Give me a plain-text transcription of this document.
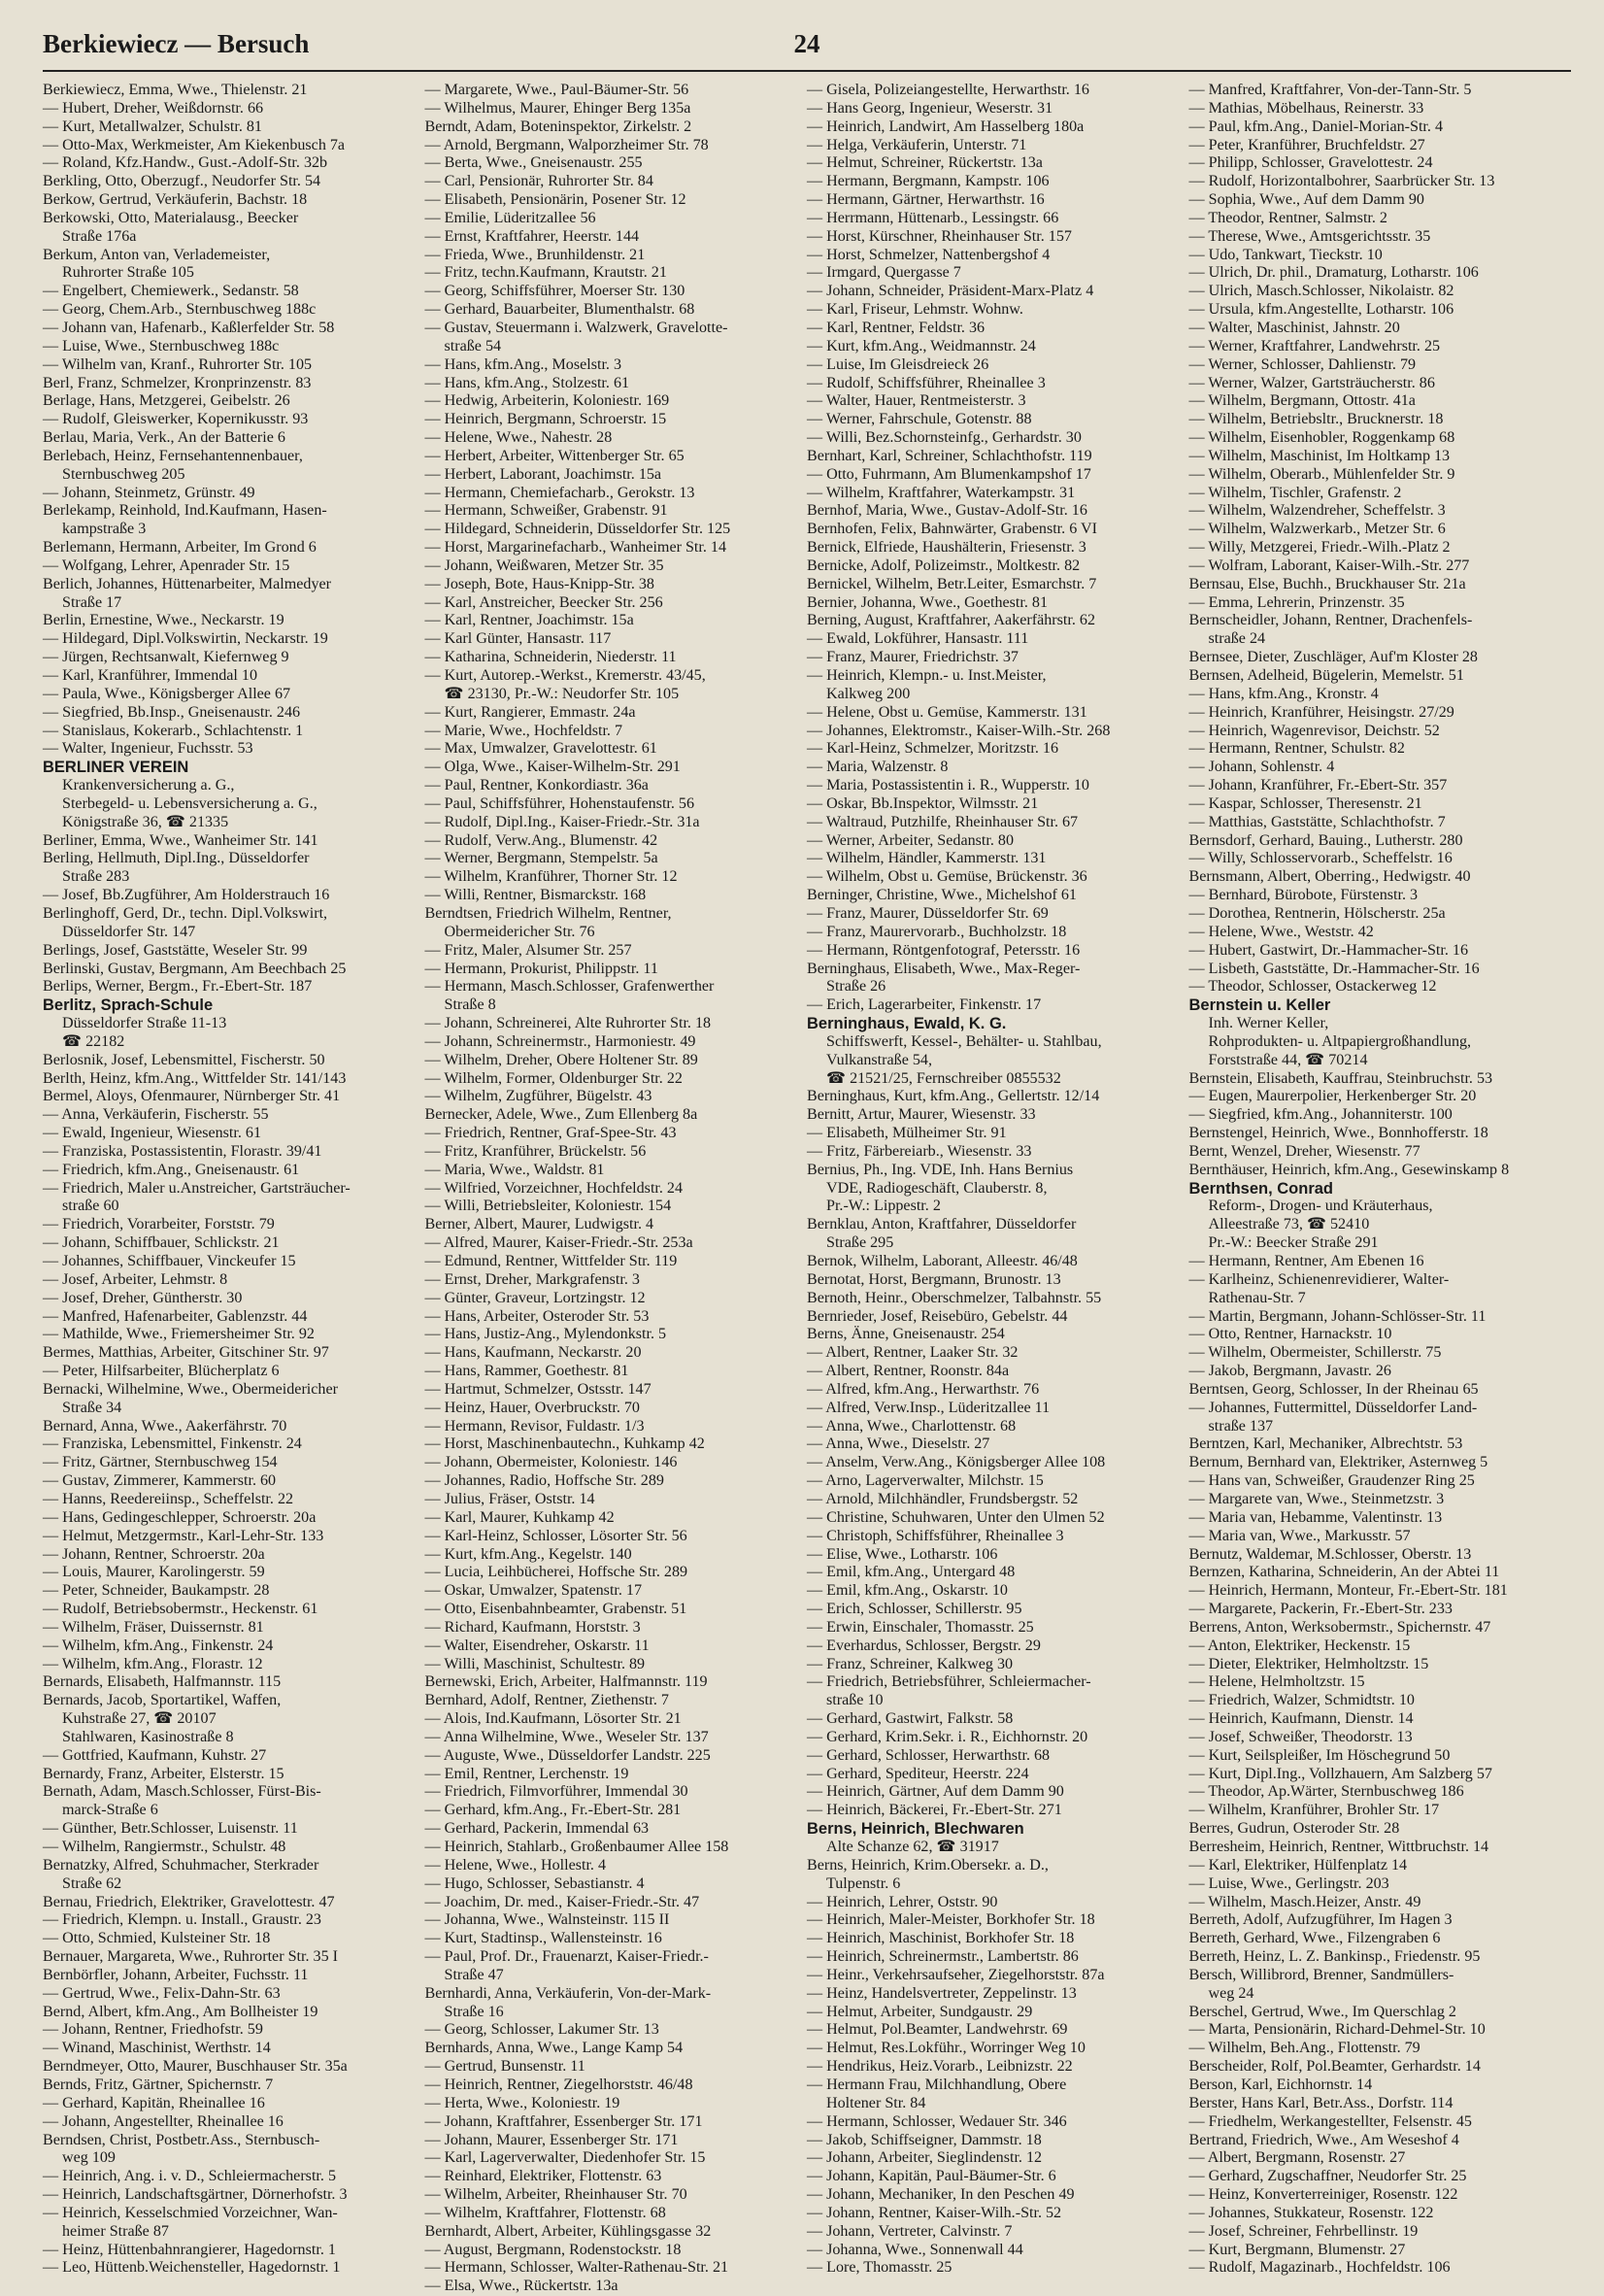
Berkiewiecz — Bersuch	24
Berkiewiecz, Emma, Wwe., Thielenstr. 21
— Hubert, Dreher, Weißdornstr. 66
— Kurt, Metallwalzer, Schulstr. 81
— Otto-Max, Werkmeister, Am Kiekenbusch 7a
— Roland, Kfz.Handw., Gust.-Adolf-Str. 32b
Berkling, Otto, Oberzugf., Neudorfer Str. 54
Berkow, Gertrud, Verkäuferin, Bachstr. 18
Berkowski, Otto, Materialausg., Beecker
Straße 176a
Berkum, Anton van, Verlademeister,
Ruhrorter Straße 105
— Engelbert, Chemiewerk., Sedanstr. 58
— Georg, Chem.Arb., Sternbuschweg 188c
— Johann van, Hafenarb., Kaßlerfelder Str. 58
— Luise, Wwe., Sternbuschweg 188c
— Wilhelm van, Kranf., Ruhrorter Str. 105
Berl, Franz, Schmelzer, Kronprinzenstr. 83
Berlage, Hans, Metzgerei, Geibelstr. 26
— Rudolf, Gleiswerker, Kopernikusstr. 93
Berlau, Maria, Verk., An der Batterie 6
Berlebach, Heinz, Fernsehantennenbauer,
Sternbuschweg 205
— Johann, Steinmetz, Grünstr. 49
Berlekamp, Reinhold, Ind.Kaufmann, Hasen-
kampstraße 3
Berlemann, Hermann, Arbeiter, Im Grond 6
— Wolfgang, Lehrer, Apenrader Str. 15
Berlich, Johannes, Hüttenarbeiter, Malmedyer
Straße 17
Berlin, Ernestine, Wwe., Neckarstr. 19
— Hildegard, Dipl.Volkswirtin, Neckarstr. 19
— Jürgen, Rechtsanwalt, Kiefernweg 9
— Karl, Kranführer, Immendal 10
— Paula, Wwe., Königsberger Allee 67
— Siegfried, Bb.Insp., Gneisenaustr. 246
— Stanislaus, Kokerarb., Schlachtenstr. 1
— Walter, Ingenieur, Fuchsstr. 53
BERLINER VEREIN
Krankenversicherung a. G.,
Sterbegeld- u. Lebensversicherung a. G.,
Königstraße 36, ☎ 21335
Berliner, Emma, Wwe., Wanheimer Str. 141
Berling, Hellmuth, Dipl.Ing., Düsseldorfer
Straße 283
— Josef, Bb.Zugführer, Am Holderstrauch 16
Berlinghoff, Gerd, Dr., techn. Dipl.Volkswirt,
Düsseldorfer Str. 147
Berlings, Josef, Gaststätte, Weseler Str. 99
Berlinski, Gustav, Bergmann, Am Beechbach 25
Berlips, Werner, Bergm., Fr.-Ebert-Str. 187
Berlitz, Sprach-Schule
Düsseldorfer Straße 11-13
☎ 22182
Berlosnik, Josef, Lebensmittel, Fischerstr. 50
Berlth, Heinz, kfm.Ang., Wittfelder Str. 141/143
Bermel, Aloys, Ofenmaurer, Nürnberger Str. 41
— Anna, Verkäuferin, Fischerstr. 55
— Ewald, Ingenieur, Wiesenstr. 61
— Franziska, Postassistentin, Florastr. 39/41
— Friedrich, kfm.Ang., Gneisenaustr. 61
— Friedrich, Maler u.Anstreicher, Gartsträucher-
straße 60
— Friedrich, Vorarbeiter, Forststr. 79
— Johann, Schiffbauer, Schlickstr. 21
— Johannes, Schiffbauer, Vinckeufer 15
— Josef, Arbeiter, Lehmstr. 8
— Josef, Dreher, Güntherstr. 30
— Manfred, Hafenarbeiter, Gablenzstr. 44
— Mathilde, Wwe., Friemersheimer Str. 92
Bermes, Matthias, Arbeiter, Gitschiner Str. 97
— Peter, Hilfsarbeiter, Blücherplatz 6
Bernacki, Wilhelmine, Wwe., Obermeidericher
Straße 34
Bernard, Anna, Wwe., Aakerfährstr. 70
— Franziska, Lebensmittel, Finkenstr. 24
— Fritz, Gärtner, Sternbuschweg 154
— Gustav, Zimmerer, Kammerstr. 60
— Hanns, Reedereiinsp., Scheffelstr. 22
— Hans, Gedingeschlepper, Schroerstr. 20a
— Helmut, Metzgermstr., Karl-Lehr-Str. 133
— Johann, Rentner, Schroerstr. 20a
— Louis, Maurer, Karolingerstr. 59
— Peter, Schneider, Baukampstr. 28
— Rudolf, Betriebsobermstr., Heckenstr. 61
— Wilhelm, Fräser, Duissernstr. 81
— Wilhelm, kfm.Ang., Finkenstr. 24
— Wilhelm, kfm.Ang., Florastr. 12
Bernards, Elisabeth, Halfmannstr. 115
Bernards, Jacob, Sportartikel, Waffen,
Kuhstraße 27, ☎ 20107
Stahlwaren, Kasinostraße 8
— Gottfried, Kaufmann, Kuhstr. 27
Bernardy, Franz, Arbeiter, Elsterstr. 15
Bernath, Adam, Masch.Schlosser, Fürst-Bis-
marck-Straße 6
— Günther, Betr.Schlosser, Luisenstr. 11
— Wilhelm, Rangiermstr., Schulstr. 48
Bernatzky, Alfred, Schuhmacher, Sterkrader
Straße 62
Bernau, Friedrich, Elektriker, Gravelottestr. 47
— Friedrich, Klempn. u. Install., Graustr. 23
— Otto, Schmied, Kulsteiner Str. 18
Bernauer, Margareta, Wwe., Ruhrorter Str. 35 I
Bernbörfler, Johann, Arbeiter, Fuchsstr. 11
— Gertrud, Wwe., Felix-Dahn-Str. 63
Bernd, Albert, kfm.Ang., Am Bollheister 19
— Johann, Rentner, Friedhofstr. 59
— Winand, Maschinist, Werthstr. 14
Berndmeyer, Otto, Maurer, Buschhauser Str. 35a
Bernds, Fritz, Gärtner, Spichernstr. 7
— Gerhard, Kapitän, Rheinallee 16
— Johann, Angestellter, Rheinallee 16
Berndsen, Christ, Postbetr.Ass., Sternbusch-
weg 109
— Heinrich, Ang. i. v. D., Schleiermacherstr. 5
— Heinrich, Landschaftsgärtner, Dörnerhofstr. 3
— Heinrich, Kesselschmied Vorzeichner, Wan-
heimer Straße 87
— Heinz, Hüttenbahnrangierer, Hagedornstr. 1
— Leo, Hüttenb.Weichensteller, Hagedornstr. 1
— Margarete, Wwe., Paul-Bäumer-Str. 56
— Wilhelmus, Maurer, Ehinger Berg 135a
Berndt, Adam, Boteninspektor, Zirkelstr. 2
— Arnold, Bergmann, Walporzheimer Str. 78
— Berta, Wwe., Gneisenaustr. 255
— Carl, Pensionär, Ruhrorter Str. 84
— Elisabeth, Pensionärin, Posener Str. 12
— Emilie, Lüderitzallee 56
— Ernst, Kraftfahrer, Heerstr. 144
— Frieda, Wwe., Brunhildenstr. 21
— Fritz, techn.Kaufmann, Krautstr. 21
— Georg, Schiffsführer, Moerser Str. 130
— Gerhard, Bauarbeiter, Blumenthalstr. 68
— Gustav, Steuermann i. Walzwerk, Gravelotte-
straße 54
— Hans, kfm.Ang., Moselstr. 3
— Hans, kfm.Ang., Stolzestr. 61
— Hedwig, Arbeiterin, Koloniestr. 169
— Heinrich, Bergmann, Schroerstr. 15
— Helene, Wwe., Nahestr. 28
— Herbert, Arbeiter, Wittenberger Str. 65
— Herbert, Laborant, Joachimstr. 15a
— Hermann, Chemiefacharb., Gerokstr. 13
— Hermann, Schweißer, Grabenstr. 91
— Hildegard, Schneiderin, Düsseldorfer Str. 125
— Horst, Margarinefacharb., Wanheimer Str. 14
— Johann, Weißwaren, Metzer Str. 35
— Joseph, Bote, Haus-Knipp-Str. 38
— Karl, Anstreicher, Beecker Str. 256
— Karl, Rentner, Joachimstr. 15a
— Karl Günter, Hansastr. 117
— Katharina, Schneiderin, Niederstr. 11
— Kurt, Autorep.-Werkst., Kremerstr. 43/45,
☎ 23130, Pr.-W.: Neudorfer Str. 105
— Kurt, Rangierer, Emmastr. 24a
— Marie, Wwe., Hochfeldstr. 7
— Max, Umwalzer, Gravelottestr. 61
— Olga, Wwe., Kaiser-Wilhelm-Str. 291
— Paul, Rentner, Konkordiastr. 36a
— Paul, Schiffsführer, Hohenstaufenstr. 56
— Rudolf, Dipl.Ing., Kaiser-Friedr.-Str. 31a
— Rudolf, Verw.Ang., Blumenstr. 42
— Werner, Bergmann, Stempelstr. 5a
— Wilhelm, Kranführer, Thorner Str. 12
— Willi, Rentner, Bismarckstr. 168
Berndtsen, Friedrich Wilhelm, Rentner,
Obermeidericher Str. 76
— Fritz, Maler, Alsumer Str. 257
— Hermann, Prokurist, Philippstr. 11
— Hermann, Masch.Schlosser, Grafenwerther
Straße 8
— Johann, Schreinerei, Alte Ruhrorter Str. 18
— Johann, Schreinermstr., Harmoniestr. 49
— Wilhelm, Dreher, Obere Holtener Str. 89
— Wilhelm, Former, Oldenburger Str. 22
— Wilhelm, Zugführer, Bügelstr. 43
Bernecker, Adele, Wwe., Zum Ellenberg 8a
— Friedrich, Rentner, Graf-Spee-Str. 43
— Fritz, Kranführer, Brückelstr. 56
— Maria, Wwe., Waldstr. 81
— Wilfried, Vorzeichner, Hochfeldstr. 24
— Willi, Betriebsleiter, Koloniestr. 154
Berner, Albert, Maurer, Ludwigstr. 4
— Alfred, Maurer, Kaiser-Friedr.-Str. 253a
— Edmund, Rentner, Wittfelder Str. 119
— Ernst, Dreher, Markgrafenstr. 3
— Günter, Graveur, Lortzingstr. 12
— Hans, Arbeiter, Osteroder Str. 53
— Hans, Justiz-Ang., Mylendonkstr. 5
— Hans, Kaufmann, Neckarstr. 20
— Hans, Rammer, Goethestr. 81
— Hartmut, Schmelzer, Ostsstr. 147
— Heinz, Hauer, Overbruckstr. 70
— Hermann, Revisor, Fuldastr. 1/3
— Horst, Maschinenbautechn., Kuhkamp 42
— Johann, Obermeister, Koloniestr. 146
— Johannes, Radio, Hoffsche Str. 289
— Julius, Fräser, Oststr. 14
— Karl, Maurer, Kuhkamp 42
— Karl-Heinz, Schlosser, Lösorter Str. 56
— Kurt, kfm.Ang., Kegelstr. 140
— Lucia, Leihbücherei, Hoffsche Str. 289
— Oskar, Umwalzer, Spatenstr. 17
— Otto, Eisenbahnbeamter, Grabenstr. 51
— Richard, Kaufmann, Horststr. 3
— Walter, Eisendreher, Oskarstr. 11
— Willi, Maschinist, Schultestr. 89
Bernewski, Erich, Arbeiter, Halfmannstr. 119
Bernhard, Adolf, Rentner, Ziethenstr. 7
— Alois, Ind.Kaufmann, Lösorter Str. 21
— Anna Wilhelmine, Wwe., Weseler Str. 137
— Auguste, Wwe., Düsseldorfer Landstr. 225
— Emil, Rentner, Lerchenstr. 19
— Friedrich, Filmvorführer, Immendal 30
— Gerhard, kfm.Ang., Fr.-Ebert-Str. 281
— Gerhard, Packerin, Immendal 63
— Heinrich, Stahlarb., Großenbaumer Allee 158
— Helene, Wwe., Hollestr. 4
— Hugo, Schlosser, Sebastianstr. 4
— Joachim, Dr. med., Kaiser-Friedr.-Str. 47
— Johanna, Wwe., Walnsteinstr. 115 II
— Kurt, Stadtinsp., Wallensteinstr. 16
— Paul, Prof. Dr., Frauenarzt, Kaiser-Friedr.-
Straße 47
Bernhardi, Anna, Verkäuferin, Von-der-Mark-
Straße 16
— Georg, Schlosser, Lakumer Str. 13
Bernhards, Anna, Wwe., Lange Kamp 54
— Gertrud, Bunsenstr. 11
— Heinrich, Rentner, Ziegelhorststr. 46/48
— Herta, Wwe., Koloniestr. 19
— Johann, Kraftfahrer, Essenberger Str. 171
— Johann, Maurer, Essenberger Str. 171
— Karl, Lagerverwalter, Diedenhofer Str. 15
— Reinhard, Elektriker, Flottenstr. 63
— Wilhelm, Arbeiter, Rheinhauser Str. 70
— Wilhelm, Kraftfahrer, Flottenstr. 68
Bernhardt, Albert, Arbeiter, Kühlingsgasse 32
— August, Bergmann, Rodenstockstr. 18
— Hermann, Schlosser, Walter-Rathenau-Str. 21
— Elsa, Wwe., Rückertstr. 13a
— Gisela, Polizeiangestellte, Herwarthstr. 16
— Hans Georg, Ingenieur, Weserstr. 31
— Heinrich, Landwirt, Am Hasselberg 180a
— Helga, Verkäuferin, Unterstr. 71
— Helmut, Schreiner, Rückertstr. 13a
— Hermann, Bergmann, Kampstr. 106
— Hermann, Gärtner, Herwarthstr. 16
— Herrmann, Hüttenarb., Lessingstr. 66
— Horst, Kürschner, Rheinhauser Str. 157
— Horst, Schmelzer, Nattenbergshof 4
— Irmgard, Quergasse 7
— Johann, Schneider, Präsident-Marx-Platz 4
— Karl, Friseur, Lehmstr. Wohnw.
— Karl, Rentner, Feldstr. 36
— Kurt, kfm.Ang., Weidmannstr. 24
— Luise, Im Gleisdreieck 26
— Rudolf, Schiffsführer, Rheinallee 3
— Walter, Hauer, Rentmeisterstr. 3
— Werner, Fahrschule, Gotenstr. 88
— Willi, Bez.Schornsteinfg., Gerhardstr. 30
Bernhart, Karl, Schreiner, Schlachthofstr. 119
— Otto, Fuhrmann, Am Blumenkampshof 17
— Wilhelm, Kraftfahrer, Waterkampstr. 31
Bernhof, Maria, Wwe., Gustav-Adolf-Str. 16
Bernhofen, Felix, Bahnwärter, Grabenstr. 6 VI
Bernick, Elfriede, Haushälterin, Friesenstr. 3
Bernicke, Adolf, Polizeimstr., Moltkestr. 82
Bernickel, Wilhelm, Betr.Leiter, Esmarchstr. 7
Bernier, Johanna, Wwe., Goethestr. 81
Berning, August, Kraftfahrer, Aakerfährstr. 62
— Ewald, Lokführer, Hansastr. 111
— Franz, Maurer, Friedrichstr. 37
— Heinrich, Klempn.- u. Inst.Meister,
Kalkweg 200
— Helene, Obst u. Gemüse, Kammerstr. 131
— Johannes, Elektromstr., Kaiser-Wilh.-Str. 268
— Karl-Heinz, Schmelzer, Moritzstr. 16
— Maria, Walzenstr. 8
— Maria, Postassistentin i. R., Wupperstr. 10
— Oskar, Bb.Inspektor, Wilmsstr. 21
— Waltraud, Putzhilfe, Rheinhauser Str. 67
— Werner, Arbeiter, Sedanstr. 80
— Wilhelm, Händler, Kammerstr. 131
— Wilhelm, Obst u. Gemüse, Brückenstr. 36
Berninger, Christine, Wwe., Michelshof 61
— Franz, Maurer, Düsseldorfer Str. 69
— Franz, Maurervorarb., Buchholzstr. 18
— Hermann, Röntgenfotograf, Petersstr. 16
Berninghaus, Elisabeth, Wwe., Max-Reger-
Straße 26
— Erich, Lagerarbeiter, Finkenstr. 17
Berninghaus, Ewald, K. G.
Schiffswerft, Kessel-, Behälter- u. Stahlbau,
Vulkanstraße 54,
☎ 21521/25, Fernschreiber 0855532
Berninghaus, Kurt, kfm.Ang., Gellertstr. 12/14
Bernitt, Artur, Maurer, Wiesenstr. 33
— Elisabeth, Mülheimer Str. 91
— Fritz, Färbereiarb., Wiesenstr. 33
Bernius, Ph., Ing. VDE, Inh. Hans Bernius
VDE, Radiogeschäft, Clauberstr. 8,
Pr.-W.: Lippestr. 2
Bernklau, Anton, Kraftfahrer, Düsseldorfer
Straße 295
Bernok, Wilhelm, Laborant, Alleestr. 46/48
Bernotat, Horst, Bergmann, Brunostr. 13
Bernoth, Heinr., Oberschmelzer, Talbahnstr. 55
Bernrieder, Josef, Reisebüro, Gebelstr. 44
Berns, Änne, Gneisenaustr. 254
— Albert, Rentner, Laaker Str. 32
— Albert, Rentner, Roonstr. 84a
— Alfred, kfm.Ang., Herwarthstr. 76
— Alfred, Verw.Insp., Lüderitzallee 11
— Anna, Wwe., Charlottenstr. 68
— Anna, Wwe., Dieselstr. 27
— Anselm, Verw.Ang., Königsberger Allee 108
— Arno, Lagerverwalter, Milchstr. 15
— Arnold, Milchhändler, Frundsbergstr. 52
— Christine, Schuhwaren, Unter den Ulmen 52
— Christoph, Schiffsführer, Rheinallee 3
— Elise, Wwe., Lotharstr. 106
— Emil, kfm.Ang., Untergard 48
— Emil, kfm.Ang., Oskarstr. 10
— Erich, Schlosser, Schillerstr. 95
— Erwin, Einschaler, Thomasstr. 25
— Everhardus, Schlosser, Bergstr. 29
— Franz, Schreiner, Kalkweg 30
— Friedrich, Betriebsführer, Schleiermacher-
straße 10
— Gerhard, Gastwirt, Falkstr. 58
— Gerhard, Krim.Sekr. i. R., Eichhornstr. 20
— Gerhard, Schlosser, Herwarthstr. 68
— Gerhard, Spediteur, Heerstr. 224
— Heinrich, Gärtner, Auf dem Damm 90
— Heinrich, Bäckerei, Fr.-Ebert-Str. 271
Berns, Heinrich, Blechwaren
Alte Schanze 62, ☎ 31917
Berns, Heinrich, Krim.Obersekr. a. D.,
Tulpenstr. 6
— Heinrich, Lehrer, Oststr. 90
— Heinrich, Maler-Meister, Borkhofer Str. 18
— Heinrich, Maschinist, Borkhofer Str. 18
— Heinrich, Schreinermstr., Lambertstr. 86
— Heinr., Verkehrsaufseher, Ziegelhorststr. 87a
— Heinz, Handelsvertreter, Zeppelinstr. 13
— Helmut, Arbeiter, Sundgaustr. 29
— Helmut, Pol.Beamter, Landwehrstr. 69
— Helmut, Res.Lokführ., Worringer Weg 10
— Hendrikus, Heiz.Vorarb., Leibnizstr. 22
— Hermann Frau, Milchhandlung, Obere
Holtener Str. 84
— Hermann, Schlosser, Wedauer Str. 346
— Jakob, Schiffseigner, Dammstr. 18
— Johann, Arbeiter, Sieglindenstr. 12
— Johann, Kapitän, Paul-Bäumer-Str. 6
— Johann, Mechaniker, In den Peschen 49
— Johann, Rentner, Kaiser-Wilh.-Str. 52
— Johann, Vertreter, Calvinstr. 7
— Johanna, Wwe., Sonnenwall 44
— Lore, Thomasstr. 25
— Manfred, Kraftfahrer, Von-der-Tann-Str. 5
— Mathias, Möbelhaus, Reinerstr. 33
— Paul, kfm.Ang., Daniel-Morian-Str. 4
— Peter, Kranführer, Bruchfeldstr. 27
— Philipp, Schlosser, Gravelottestr. 24
— Rudolf, Horizontalbohrer, Saarbrücker Str. 13
— Sophia, Wwe., Auf dem Damm 90
— Theodor, Rentner, Salmstr. 2
— Therese, Wwe., Amtsgerichtsstr. 35
— Udo, Tankwart, Tieckstr. 10
— Ulrich, Dr. phil., Dramaturg, Lotharstr. 106
— Ulrich, Masch.Schlosser, Nikolaistr. 82
— Ursula, kfm.Angestellte, Lotharstr. 106
— Walter, Maschinist, Jahnstr. 20
— Werner, Kraftfahrer, Landwehrstr. 25
— Werner, Schlosser, Dahlienstr. 79
— Werner, Walzer, Gartsträucherstr. 86
— Wilhelm, Bergmann, Ottostr. 41a
— Wilhelm, Betriebsltr., Brucknerstr. 18
— Wilhelm, Eisenhobler, Roggenkamp 68
— Wilhelm, Maschinist, Im Holtkamp 13
— Wilhelm, Oberarb., Mühlenfelder Str. 9
— Wilhelm, Tischler, Grafenstr. 2
— Wilhelm, Walzendreher, Scheffelstr. 3
— Wilhelm, Walzwerkarb., Metzer Str. 6
— Willy, Metzgerei, Friedr.-Wilh.-Platz 2
— Wolfram, Laborant, Kaiser-Wilh.-Str. 277
Bernsau, Else, Buchh., Bruckhauser Str. 21a
— Emma, Lehrerin, Prinzenstr. 35
Bernscheidler, Johann, Rentner, Drachenfels-
straße 24
Bernsee, Dieter, Zuschläger, Auf'm Kloster 28
Bernsen, Adelheid, Bügelerin, Memelstr. 51
— Hans, kfm.Ang., Kronstr. 4
— Heinrich, Kranführer, Heisingstr. 27/29
— Heinrich, Wagenrevisor, Deichstr. 52
— Hermann, Rentner, Schulstr. 82
— Johann, Sohlenstr. 4
— Johann, Kranführer, Fr.-Ebert-Str. 357
— Kaspar, Schlosser, Theresenstr. 21
— Matthias, Gaststätte, Schlachthofstr. 7
Bernsdorf, Gerhard, Bauing., Lutherstr. 280
— Willy, Schlosservorarb., Scheffelstr. 16
Bernsmann, Albert, Oberring., Hedwigstr. 40
— Bernhard, Bürobote, Fürstenstr. 3
— Dorothea, Rentnerin, Hölscherstr. 25a
— Helene, Wwe., Weststr. 42
— Hubert, Gastwirt, Dr.-Hammacher-Str. 16
— Lisbeth, Gaststätte, Dr.-Hammacher-Str. 16
— Theodor, Schlosser, Ostackerweg 12
Bernstein u. Keller
Inh. Werner Keller,
Rohprodukten- u. Altpapiergroßhandlung,
Forststraße 44, ☎ 70214
Bernstein, Elisabeth, Kauffrau, Steinbruchstr. 53
— Eugen, Maurerpolier, Herkenberger Str. 20
— Siegfried, kfm.Ang., Johanniterstr. 100
Bernstengel, Heinrich, Wwe., Bonnhofferstr. 18
Bernt, Wenzel, Dreher, Wiesenstr. 77
Bernthäuser, Heinrich, kfm.Ang., Gesewinskamp 8
Bernthsen, Conrad
Reform-, Drogen- und Kräuterhaus,
Alleestraße 73, ☎ 52410
Pr.-W.: Beecker Straße 291
— Hermann, Rentner, Am Ebenen 16
— Karlheinz, Schienenrevidierer, Walter-
Rathenau-Str. 7
— Martin, Bergmann, Johann-Schlösser-Str. 11
— Otto, Rentner, Harnackstr. 10
— Wilhelm, Obermeister, Schillerstr. 75
— Jakob, Bergmann, Javastr. 26
Berntsen, Georg, Schlosser, In der Rheinau 65
— Johannes, Futtermittel, Düsseldorfer Land-
straße 137
Berntzen, Karl, Mechaniker, Albrechtstr. 53
Bernum, Bernhard van, Elektriker, Asternweg 5
— Hans van, Schweißer, Graudenzer Ring 25
— Margarete van, Wwe., Steinmetzstr. 3
— Maria van, Hebamme, Valentinstr. 13
— Maria van, Wwe., Markusstr. 57
Bernutz, Waldemar, M.Schlosser, Oberstr. 13
Bernzen, Katharina, Schneiderin, An der Abtei 11
— Heinrich, Hermann, Monteur, Fr.-Ebert-Str. 181
— Margarete, Packerin, Fr.-Ebert-Str. 233
Berrens, Anton, Werksobermstr., Spichernstr. 47
— Anton, Elektriker, Heckenstr. 15
— Dieter, Elektriker, Helmholtzstr. 15
— Helene, Helmholtzstr. 15
— Friedrich, Walzer, Schmidtstr. 10
— Heinrich, Kaufmann, Dienstr. 14
— Josef, Schweißer, Theodorstr. 13
— Kurt, Seilspleißer, Im Höschegrund 50
— Kurt, Dipl.Ing., Vollzhauern, Am Salzberg 57
— Theodor, Ap.Wärter, Sternbuschweg 186
— Wilhelm, Kranführer, Brohler Str. 17
Berres, Gudrun, Osteroder Str. 28
Berresheim, Heinrich, Rentner, Wittbruchstr. 14
— Karl, Elektriker, Hülfenplatz 14
— Luise, Wwe., Gerlingstr. 203
— Wilhelm, Masch.Heizer, Anstr. 49
Berreth, Adolf, Aufzugführer, Im Hagen 3
Berreth, Gerhard, Wwe., Filzengraben 6
Berreth, Heinz, L. Z. Bankinsp., Friedenstr. 95
Bersch, Willibrord, Brenner, Sandmüllers-
weg 24
Berschel, Gertrud, Wwe., Im Querschlag 2
— Marta, Pensionärin, Richard-Dehmel-Str. 10
— Wilhelm, Beh.Ang., Flottenstr. 79
Berscheider, Rolf, Pol.Beamter, Gerhardstr. 14
Berson, Karl, Eichhornstr. 14
Berster, Hans Karl, Betr.Ass., Dorfstr. 114
— Friedhelm, Werkangestellter, Felsenstr. 45
Bertrand, Friedrich, Wwe., Am Weseshof 4
— Albert, Bergmann, Rosenstr. 27
— Gerhard, Zugschaffner, Neudorfer Str. 25
— Heinz, Konverterreiniger, Rosenstr. 122
— Johannes, Stukkateur, Rosenstr. 122
— Josef, Schreiner, Fehrbellinstr. 19
— Kurt, Bergmann, Blumenstr. 27
— Rudolf, Magazinarb., Hochfeldstr. 106
